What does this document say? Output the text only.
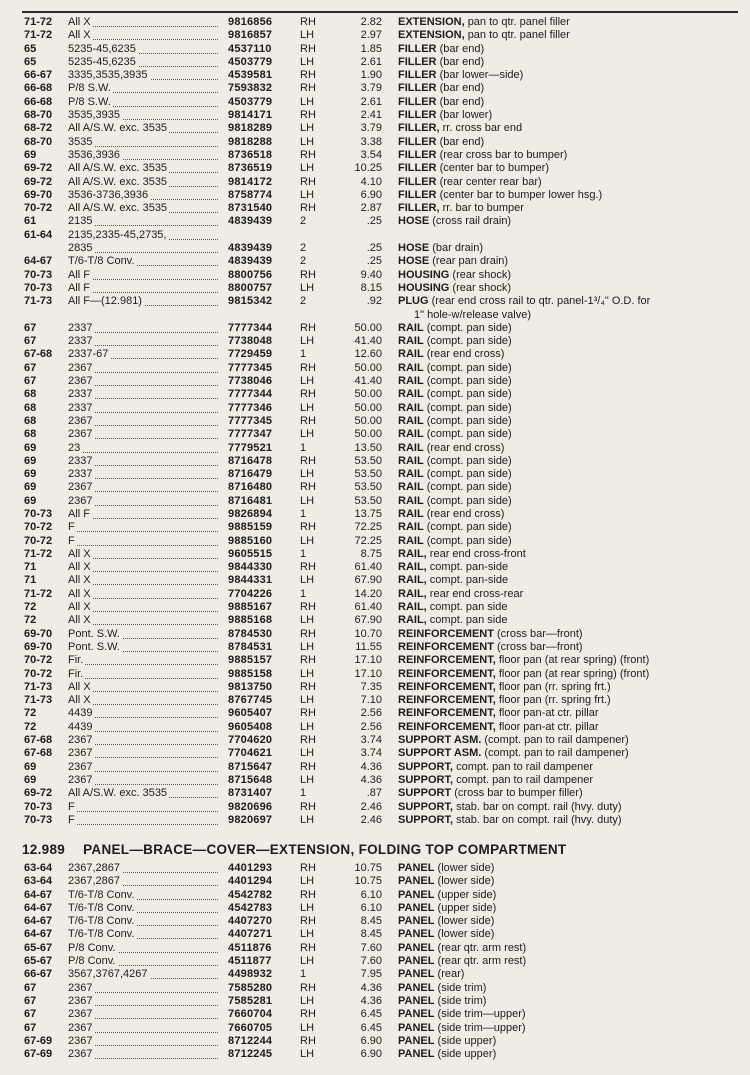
71-72	All X	9816856	RH	2.82 EXTENSION, pan to qtr. panel filler
71-72	All X	9816857	LH	2.97 EXTENSION, pan to qtr. panel filler
65	5235-45,6235	4537110	RH	1.85 FILLER (bar end)
65	5235-45,6235	4503779	LH	2.61 FILLER (bar end)
66-67	3335,3535,3935	4539581	RH	1.90 FILLER (bar lower—side)
66-68	P/8 S.W.	7593832	RH	3.79 FILLER (bar end)
66-68	P/8 S.W.	4503779	LH	2.61 FILLER (bar end)
68-70	3535,3935	9814171	RH	2.41 FILLER (bar lower)
68-72	All A/S.W. exc. 3535	9818289	LH	3.79 FILLER, rr. cross bar end
68-70	3535	9818288	LH	3.38 FILLER (bar end)
69	3536,3936	8736518	RH	3.54 FILLER (rear cross bar to bumper)
69-72	All A/S.W. exc. 3535	8736519	LH	10.25 FILLER (center bar to bumper)
69-72	All A/S.W. exc. 3535	9814172	RH	4.10 FILLER (rear center rear bar)
69-70	3536-3736,3936	8758774	LH	6.90 FILLER (center bar to bumper lower hsg.)
70-72	All A/S.W. exc. 3535	8731540	RH	2.87 FILLER, rr. bar to bumper
61	2135	4839439	2	.25 HOSE (cross rail drain)
61-64	2135,2335-45,2735,
2835	4839439	2	.25 HOSE (bar drain)
64-67	T/6-T/8 Conv.	4839439	2	.25 HOSE (rear pan drain)
70-73	All F	8800756	RH	9.40 HOUSING (rear shock)
70-73	All F	8800757	LH	8.15 HOUSING (rear shock)
71-73	All F—(12.981)	9815342	2	.92 PLUG (rear end cross rail to qtr. panel-1³/₄" O.D. for
1" hole-w/release valve)
67	2337	7777344	RH	50.00 RAIL (compt. pan side)
67	2337	7738048	LH	41.40 RAIL (compt. pan side)
67-68	2337-67	7729459	1	12.60 RAIL (rear end cross)
67	2367	7777345	RH	50.00 RAIL (compt. pan side)
67	2367	7738046	LH	41.40 RAIL (compt. pan side)
68	2337	7777344	RH	50.00 RAIL (compt. pan side)
68	2337	7777346	LH	50.00 RAIL (compt. pan side)
68	2367	7777345	RH	50.00 RAIL (compt. pan side)
68	2367	7777347	LH	50.00 RAIL (compt. pan side)
69	23	7779521	1	13.50 RAIL (rear end cross)
69	2337	8716478	RH	53.50 RAIL (compt. pan side)
69	2337	8716479	LH	53.50 RAIL (compt. pan side)
69	2367	8716480	RH	53.50 RAIL (compt. pan side)
69	2367	8716481	LH	53.50 RAIL (compt. pan side)
70-73	All F	9826894	1	13.75 RAIL (rear end cross)
70-72	F	9885159	RH	72.25 RAIL (compt. pan side)
70-72	F	9885160	LH	72.25 RAIL (compt. pan side)
71-72	All X	9605515	1	8.75 RAIL, rear end cross-front
71	All X	9844330	RH	61.40 RAIL, compt. pan-side
71	All X	9844331	LH	67.90 RAIL, compt. pan-side
71-72	All X	7704226	1	14.20 RAIL, rear end cross-rear
72	All X	9885167	RH	61.40 RAIL, compt. pan side
72	All X	9885168	LH	67.90 RAIL, compt. pan side
69-70	Pont. S.W.	8784530	RH	10.70 REINFORCEMENT (cross bar—front)
69-70	Pont. S.W.	8784531	LH	11.55 REINFORCEMENT (cross bar—front)
70-72	Fir.	9885157	RH	17.10 REINFORCEMENT, floor pan (at rear spring) (front)
70-72	Fir.	9885158	LH	17.10 REINFORCEMENT, floor pan (at rear spring) (front)
71-73	All X	9813750	RH	7.35 REINFORCEMENT, floor pan (rr. spring frt.)
71-73	All X	8767745	LH	7.10 REINFORCEMENT, floor pan (rr. spring frt.)
72	4439	9605407	RH	2.56 REINFORCEMENT, floor pan-at ctr. pillar
72	4439	9605408	LH	2.56 REINFORCEMENT, floor pan-at ctr. pillar
67-68	2367	7704620	RH	3.74 SUPPORT ASM. (compt. pan to rail dampener)
67-68	2367	7704621	LH	3.74 SUPPORT ASM. (compt. pan to rail dampener)
69	2367	8715647	RH	4.36 SUPPORT, compt. pan to rail dampener
69	2367	8715648	LH	4.36 SUPPORT, compt. pan to rail dampener
69-72	All A/S.W. exc. 3535	8731407	1	.87 SUPPORT (cross bar to bumper filler)
70-73	F	9820696	RH	2.46 SUPPORT, stab. bar on compt. rail (hvy. duty)
70-73	F	9820697	LH	2.46 SUPPORT, stab. bar on compt. rail (hvy. duty)
12.989 PANEL—BRACE—COVER—EXTENSION, FOLDING TOP COMPARTMENT
63-64	2367,2867	4401293	RH	10.75 PANEL (lower side)
63-64	2367,2867	4401294	LH	10.75 PANEL (lower side)
64-67	T/6-T/8 Conv.	4542782	RH	6.10 PANEL (upper side)
64-67	T/6-T/8 Conv.	4542783	LH	6.10 PANEL (upper side)
64-67	T/6-T/8 Conv.	4407270	RH	8.45 PANEL (lower side)
64-67	T/6-T/8 Conv.	4407271	LH	8.45 PANEL (lower side)
65-67	P/8 Conv.	4511876	RH	7.60 PANEL (rear qtr. arm rest)
65-67	P/8 Conv.	4511877	LH	7.60 PANEL (rear qtr. arm rest)
66-67	3567,3767,4267	4498932	1	7.95 PANEL (rear)
67	2367	7585280	RH	4.36 PANEL (side trim)
67	2367	7585281	LH	4.36 PANEL (side trim)
67	2367	7660704	RH	6.45 PANEL (side trim—upper)
67	2367	7660705	LH	6.45 PANEL (side trim—upper)
67-69	2367	8712244	RH	6.90 PANEL (side upper)
67-69	2367	8712245	LH	6.90 PANEL (side upper)
